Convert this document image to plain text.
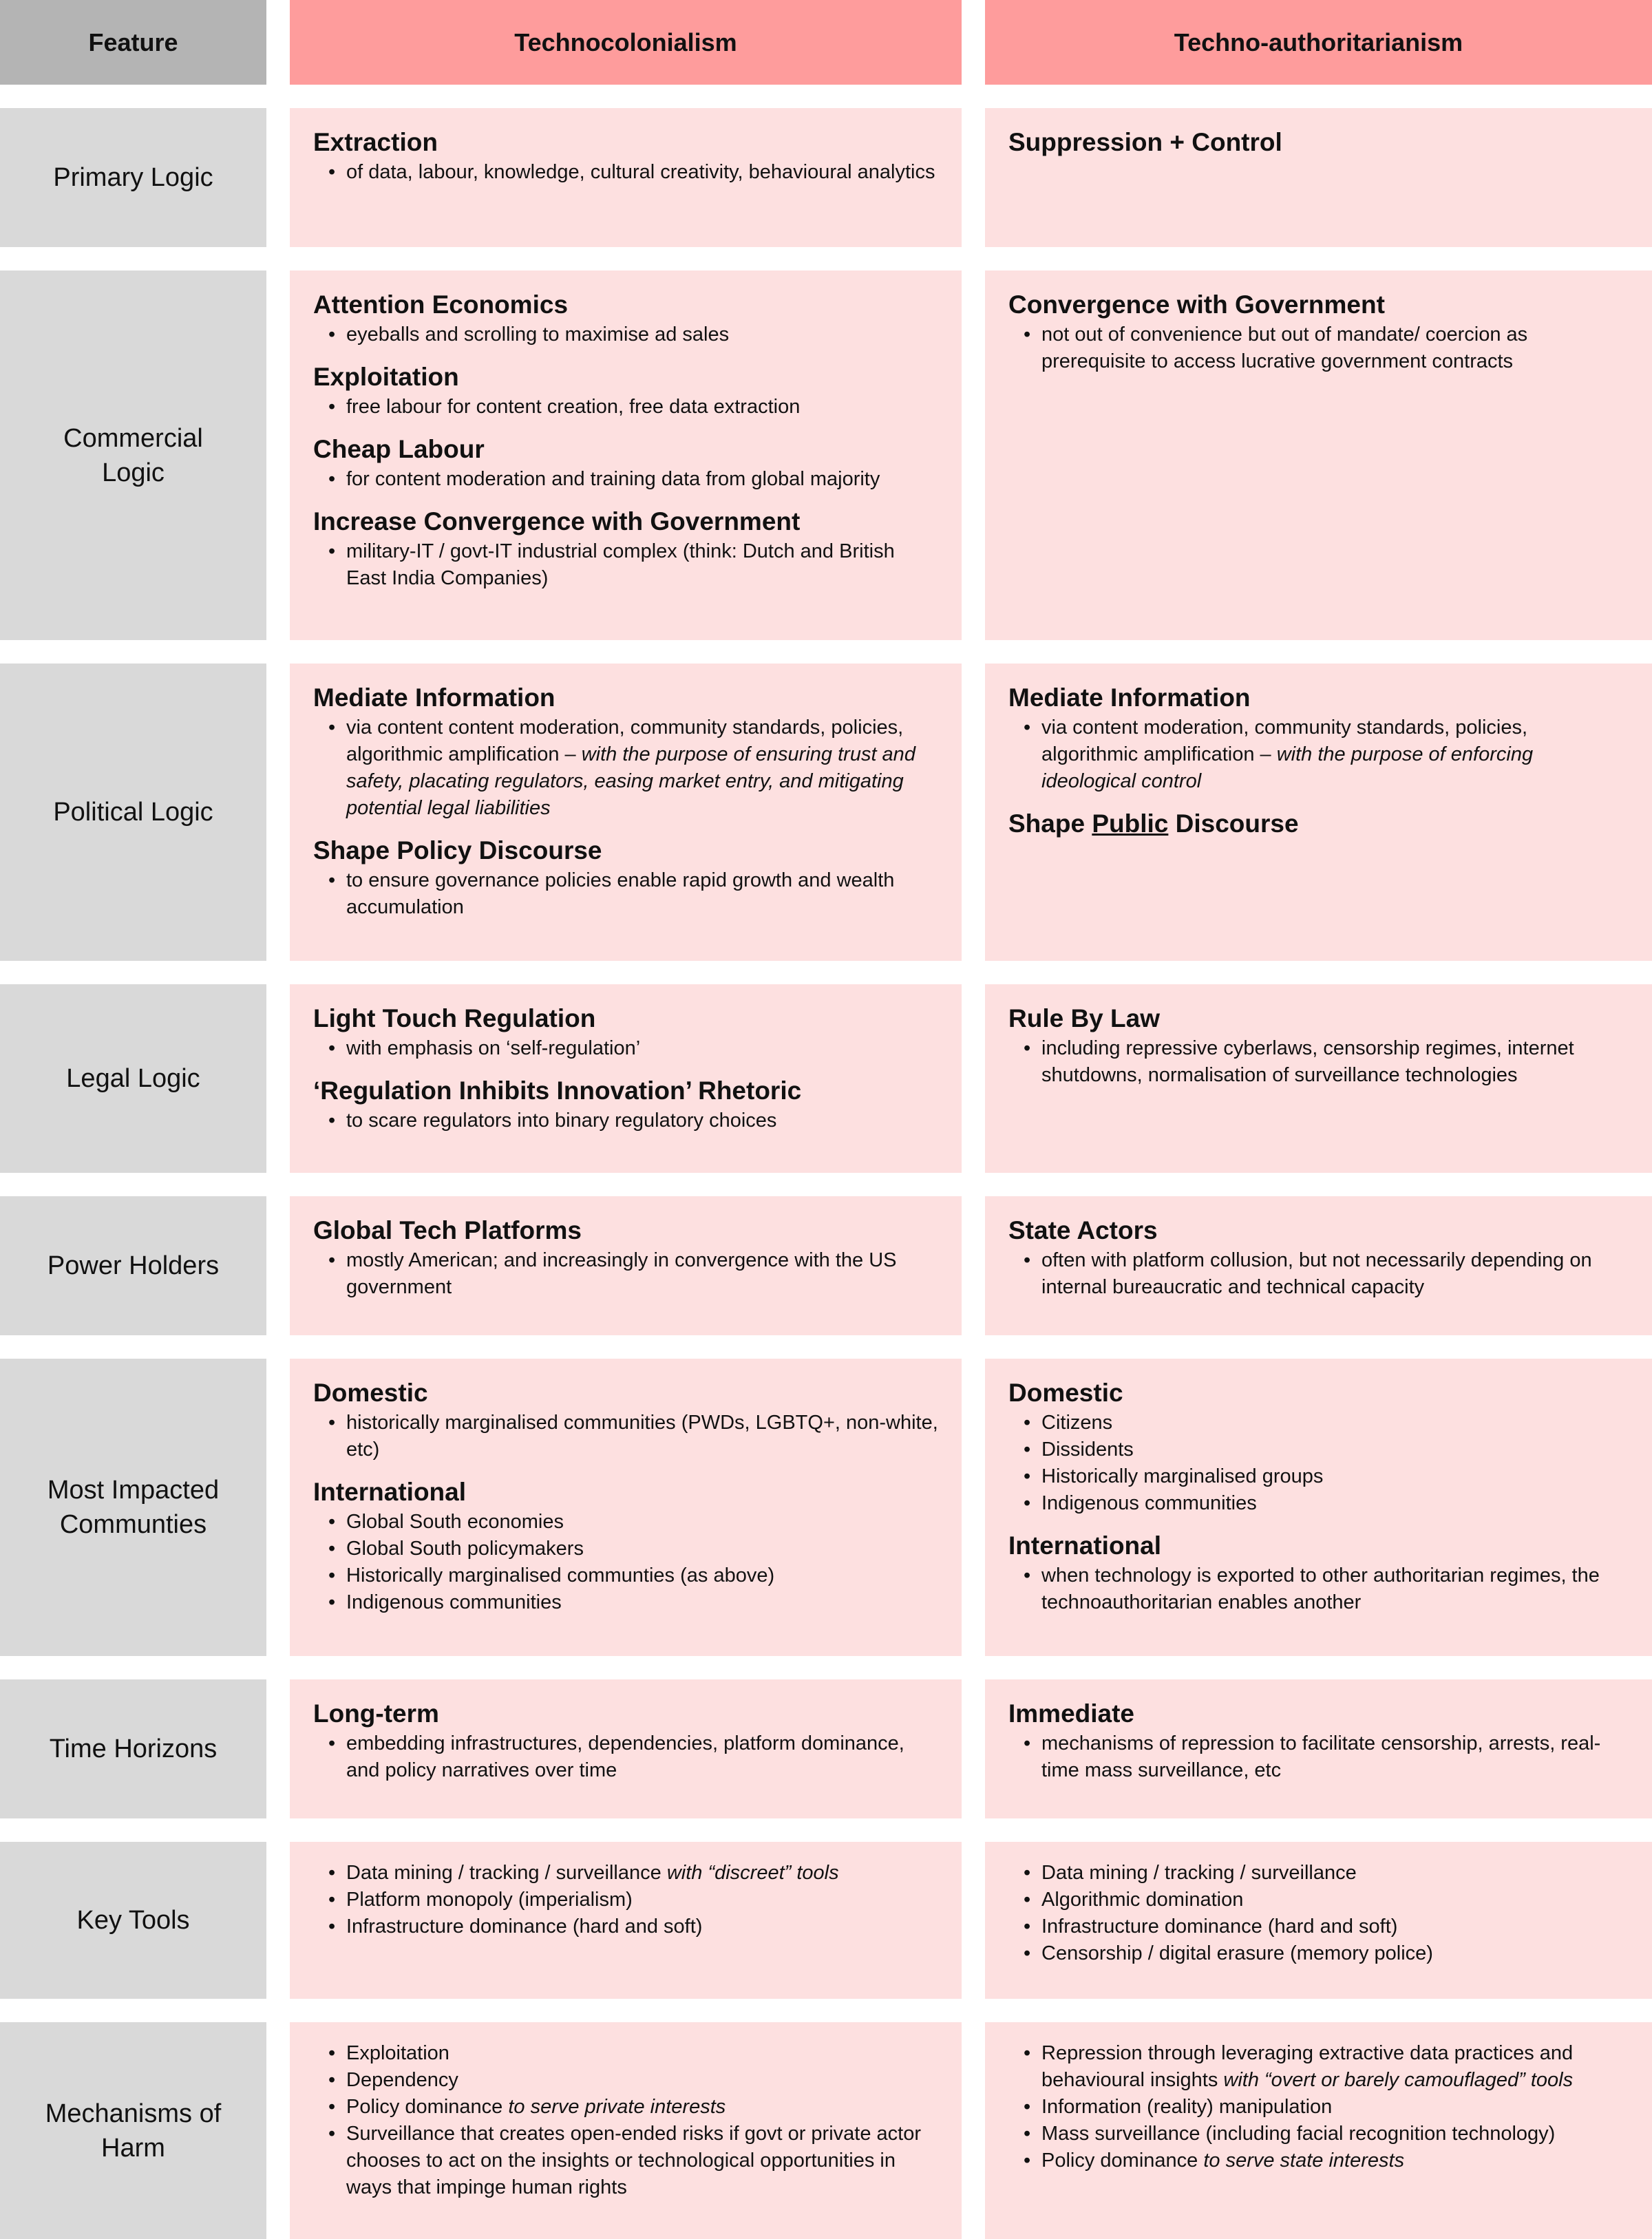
Feature	Technocolonialism	Techno-authoritarianism
Primary Logic
Extraction
• of data, labour, knowledge, cultural creativity, behavioural analytics
Suppression + Control
Commercial Logic
Attention Economics
• eyeballs and scrolling to maximise ad sales
Exploitation
• free labour for content creation, free data extraction
Cheap Labour
• for content moderation and training data from global majority
Increase Convergence with Government
• military-IT / govt-IT industrial complex (think: Dutch and British East India Companies)
Convergence with Government
• not out of convenience but out of mandate/ coercion as prerequisite to access lucrative government contracts
Political Logic
Mediate Information
• via content content moderation, community standards, policies, algorithmic amplification – with the purpose of ensuring trust and safety, placating regulators, easing market entry, and mitigating potential legal liabilities
Shape Policy Discourse
• to ensure governance policies enable rapid growth and wealth accumulation
Mediate Information
• via content moderation, community standards, policies, algorithmic amplification – with the purpose of enforcing ideological control
Shape Public Discourse
Legal Logic
Light Touch Regulation
• with emphasis on ‘self-regulation’
‘Regulation Inhibits Innovation’ Rhetoric
• to scare regulators into binary regulatory choices
Rule By Law
• including repressive cyberlaws, censorship regimes, internet shutdowns, normalisation of surveillance technologies
Power Holders
Global Tech Platforms
• mostly American; and increasingly in convergence with the US government
State Actors
• often with platform collusion, but not necessarily depending on internal bureaucratic and technical capacity
Most Impacted Communties
Domestic
• historically marginalised communities (PWDs, LGBTQ+, non-white, etc)
International
• Global South economies
• Global South policymakers
• Historically marginalised communties (as above)
• Indigenous communities
Domestic
• Citizens
• Dissidents
• Historically marginalised groups
• Indigenous communities
International
• when technology is exported to other authoritarian regimes, the technoauthoritarian enables another
Time Horizons
Long-term
• embedding infrastructures, dependencies, platform dominance, and policy narratives over time
Immediate
• mechanisms of repression to facilitate censorship, arrests, real-time mass surveillance, etc
Key Tools
• Data mining / tracking / surveillance with “discreet” tools
• Platform monopoly (imperialism)
• Infrastructure dominance (hard and soft)
• Data mining / tracking / surveillance
• Algorithmic domination
• Infrastructure dominance (hard and soft)
• Censorship / digital erasure (memory police)
Mechanisms of Harm
• Exploitation
• Dependency
• Policy dominance to serve private interests
• Surveillance that creates open-ended risks if govt or private actor chooses to act on the insights or technological opportunities in ways that impinge human rights
• Repression through leveraging extractive data practices and behavioural insights with “overt or barely camouflaged” tools
• Information (reality) manipulation
• Mass surveillance (including facial recognition technology)
• Policy dominance to serve state interests
